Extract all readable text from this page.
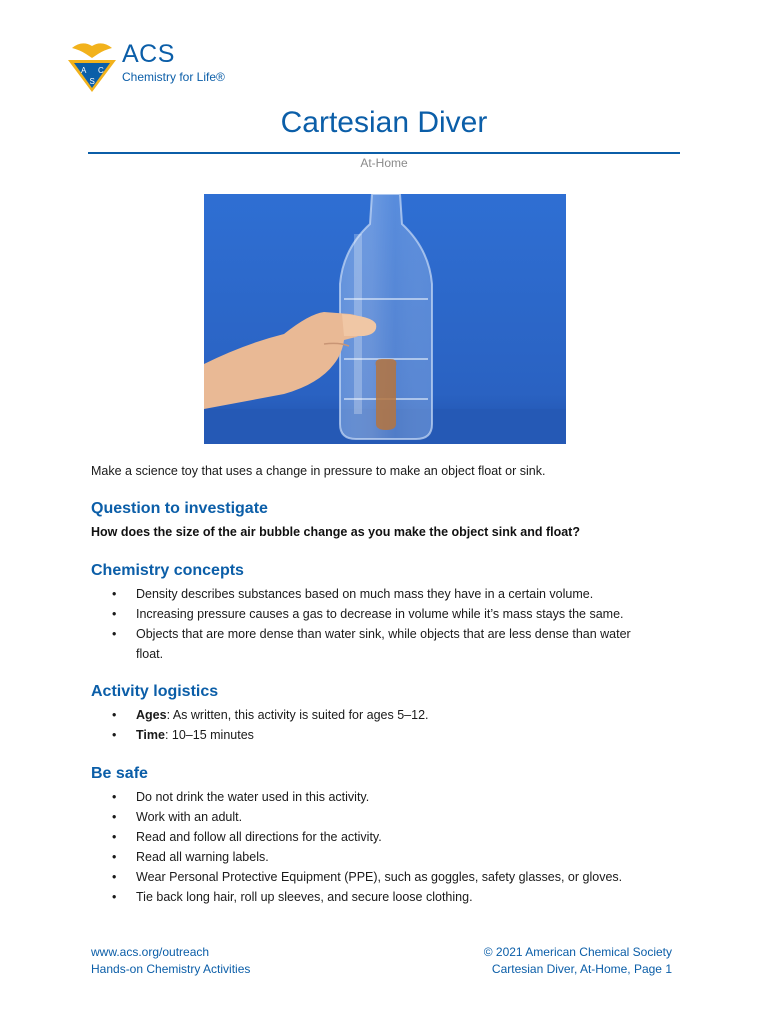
A C
S
ACS
Chemistry for Life®
Cartesian Diver
At-Home
Make a science toy that uses a change in pressure to make an object float or sink.
Question to investigate
How does the size of the air bubble change as you make the object sink and float?
Chemistry concepts
• Density describes substances based on much mass they have in a certain volume.
• Increasing pressure causes a gas to decrease in volume while it’s mass stays the same.
• Objects that are more dense than water sink, while objects that are less dense than water float.
Activity logistics
• Ages: As written, this activity is suited for ages 5–12.
• Time: 10–15 minutes
Be safe
• Do not drink the water used in this activity.
• Work with an adult.
• Read and follow all directions for the activity.
• Read all warning labels.
• Wear Personal Protective Equipment (PPE), such as goggles, safety glasses, or gloves.
• Tie back long hair, roll up sleeves, and secure loose clothing.
www.acs.org/outreach
Hands-on Chemistry Activities
© 2021 American Chemical Society
Cartesian Diver, At-Home, Page 1
